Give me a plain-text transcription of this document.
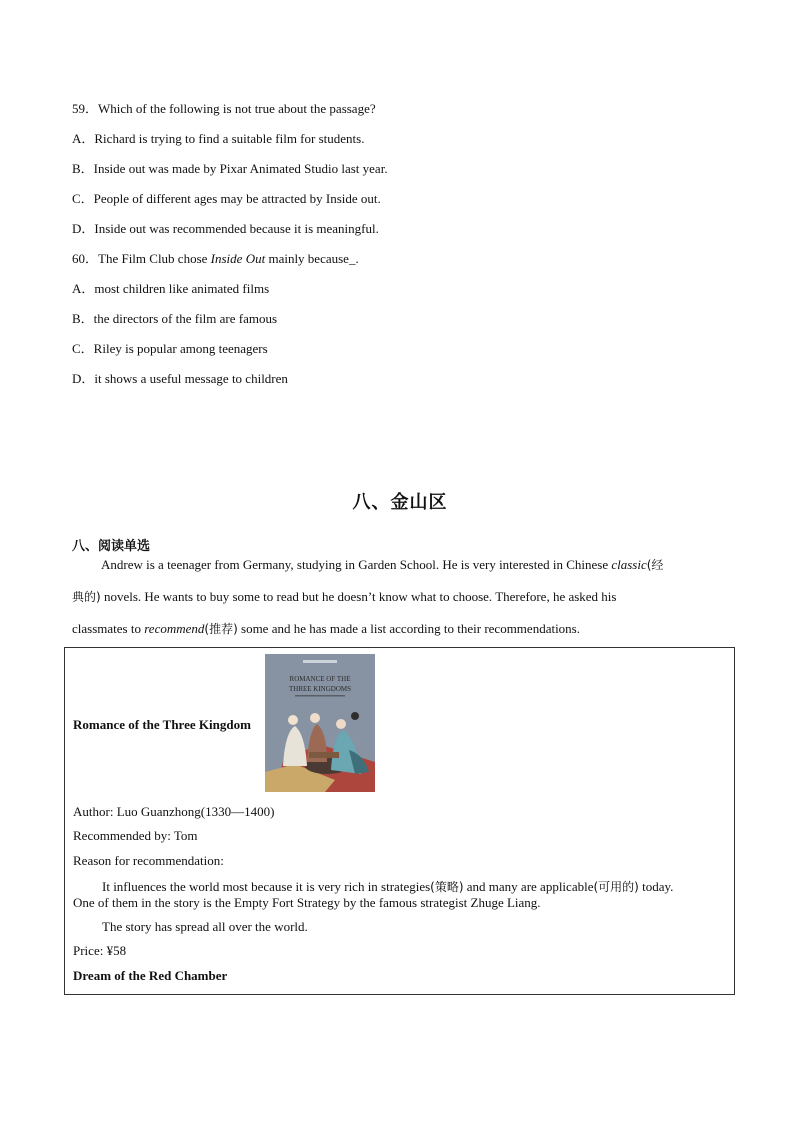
59．Which of the following is not true about the passage?
A．Richard is trying to find a suitable film for students.
B．Inside out was made by Pixar Animated Studio last year.
C．People of different ages may be attracted by Inside out.
D．Inside out was recommended because it is meaningful.
60．The Film Club chose Inside Out mainly because_.
A．most children like animated films
B．the directors of the film are famous
C．Riley is popular among teenagers
D．it shows a useful message to children
八、金山区
八、阅读单选
Andrew is a teenager from Germany, studying in Garden School. He is very interested in Chinese classic(经
典的) novels. He wants to buy some to read but he doesn’t know what to choose. Therefore, he asked his
classmates to recommend(推荐) some and he has made a list according to their recommendations.
Romance of the Three Kingdom
ROMANCE OF THE
THREE KINGDOMS
Author: Luo Guanzhong(1330—1400)
Recommended by: Tom
Reason for recommendation:
It influences the world most because it is very rich in strategies(策略) and many are applicable(可用的) today.
One of them in the story is the Empty Fort Strategy by the famous strategist Zhuge Liang.
The story has spread all over the world.
Price: ¥58
Dream of the Red Chamber
